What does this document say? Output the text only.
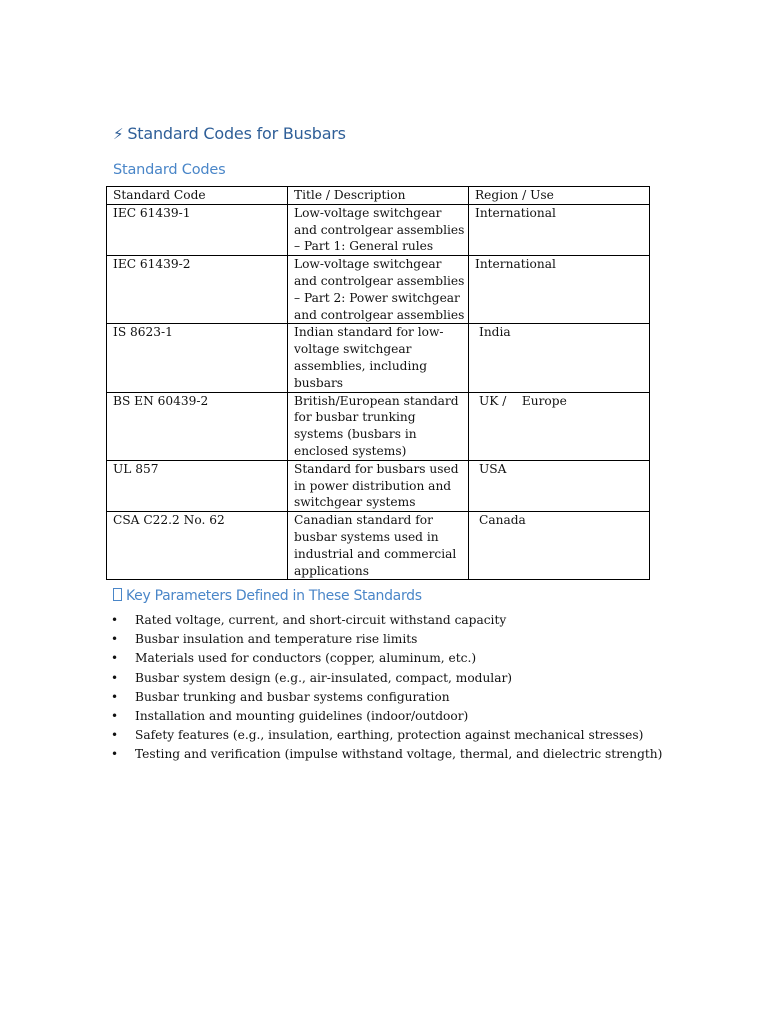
⚡ Standard Codes for Busbars
Standard Codes
Standard Code	Title / Description	Region / Use
IEC 61439-1	Low-voltage switchgear and controlgear assemblies – Part 1: General rules	International
IEC 61439-2	Low-voltage switchgear and controlgear assemblies – Part 2: Power switchgear and controlgear assemblies	International
IS 8623-1	Indian standard for low-voltage switchgear assemblies, including busbars	India
BS EN 60439-2	British/European standard for busbar trunking systems (busbars in enclosed systems)	UK /    Europe
UL 857	Standard for busbars used in power distribution and switchgear systems	USA
CSA C22.2 No. 62	Canadian standard for busbar systems used in industrial and commercial applications	Canada
Key Parameters Defined in These Standards
• Rated voltage, current, and short-circuit withstand capacity
• Busbar insulation and temperature rise limits
• Materials used for conductors (copper, aluminum, etc.)
• Busbar system design (e.g., air-insulated, compact, modular)
• Busbar trunking and busbar systems configuration
• Installation and mounting guidelines (indoor/outdoor)
• Safety features (e.g., insulation, earthing, protection against mechanical stresses)
• Testing and verification (impulse withstand voltage, thermal, and dielectric strength)
